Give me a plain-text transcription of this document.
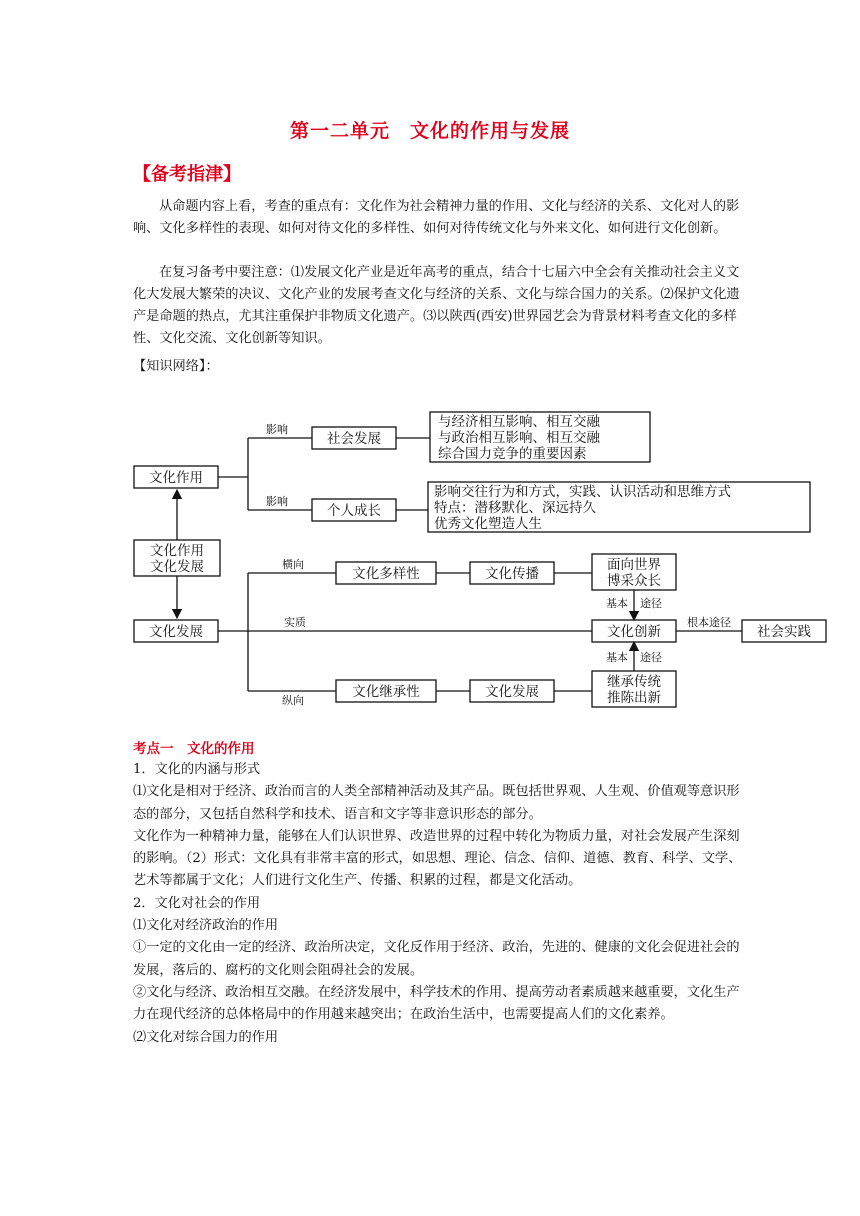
第一二单元　文化的作用与发展
【备考指津】

从命题内容上看，考查的重点有：文化作为社会精神力量的作用、文化与经济的关系、文化对人的影响、文化多样性的表现、如何对待文化的多样性、如何对待传统文化与外来文化、如何进行文化创新。

在复习备考中要注意：⑴发展文化产业是近年高考的重点，结合十七届六中全会有关推动社会主义文化大发展大繁荣的决议、文化产业的发展考查文化与经济的关系、文化与综合国力的关系。⑵保护文化遗产是命题的热点，尤其注重保护非物质文化遗产。⑶以陕西(西安)世界园艺会为背景材料考查文化的多样性、文化交流、文化创新等知识。

【知识网络】：
文化作用
文化作用
文化发展
文化发展
社会发展
个人成长
与经济相互影响、相互交融
与政治相互影响、相互交融
综合国力竞争的重要因素
影响交往行为和方式，实践、认识活动和思维方式
特点：潜移默化、深远持久
优秀文化塑造人生
文化多样性	文化传播
面向世界
博采众长
文化创新	社会实践
文化继承性	文化发展
继承传统
推陈出新
影响
影响
横向
实质
纵向
基本 途径
基本 途径
根本途径
考点一　文化的作用

1．文化的内涵与形式

⑴文化是相对于经济、政治而言的人类全部精神活动及其产品。既包括世界观、人生观、价值观等意识形态的部分，又包括自然科学和技术、语言和文字等非意识形态的部分。

文化作为一种精神力量，能够在人们认识世界、改造世界的过程中转化为物质力量，对社会发展产生深刻的影响。（2）形式：文化具有非常丰富的形式，如思想、理论、信念、信仰、道德、教育、科学、文学、艺术等都属于文化；人们进行文化生产、传播、积累的过程，都是文化活动。

2．文化对社会的作用

⑴文化对经济政治的作用

①一定的文化由一定的经济、政治所决定，文化反作用于经济、政治，先进的、健康的文化会促进社会的发展，落后的、腐朽的文化则会阻碍社会的发展。

②文化与经济、政治相互交融。在经济发展中，科学技术的作用、提高劳动者素质越来越重要，文化生产力在现代经济的总体格局中的作用越来越突出；在政治生活中，也需要提高人们的文化素养。

⑵文化对综合国力的作用
